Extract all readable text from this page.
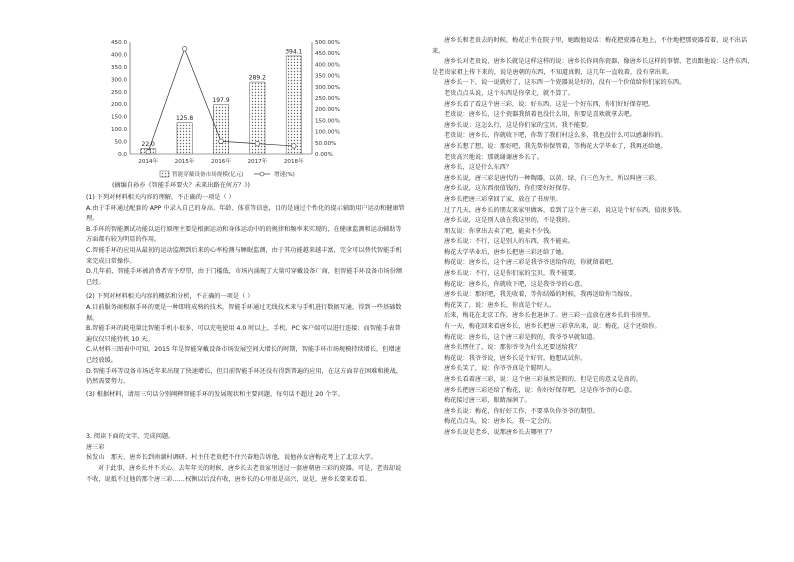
0.0
50.0
100.0
150.0
200.0
250.0
300.0
350.0
400.0
450.0
0.00%
50.00%
100.00%
150.00%
200.00%
250.00%
300.00%
350.00%
400.00%
450.00%
500.00%
22.0
2014年
125.8
2015年
197.9
2016年
289.2
2017年
394.1
2018年
智能穿戴设备市场规模(亿元)	增速(%)
(摘编自孙亦《智能手环要火？未来出路在何方？》)

(1) 下列对材料相关内容的理解，不正确的一项是（ ）

A.由于手环通过配套的 APP 中录入自己的身高、年龄、体重等信息，目的是通过个性化的提示辅助用户运动和健康管理。

B.手环的智能测试功能以运行原理主要是根据运动和身体运动中的的规律和频率来实现的，在健康监测和运动辅助等方面都有较为明显的作用。

C.智能手环的应用从最初的运动监测到后来的心率检测与睡眠监测，由于其功能越来越丰富，完全可以替代智能手机来完成日常操作。

D.几年前，智能手环被消费者寄予厚望，由于门槛低，市场内涌现了大量可穿戴设备厂商，但智能手环设备市场份额已经。

(2) 下列对材料相关内容的概括和分析，不正确的一项是（ ）

A.目前服务商根据手环的更是一种即将成熟的技术，智能手环通过无线技术来与手机进行数据互通，得到一些基础数据。

B.智能手环的耗电量比智能手机小很多，可以充电使用 4.0 时以上，手机、PC 客户端可以进行连接；而智能手表普遍仅仅只能待机 10 天。

C.从材料三图表中可知，2015 年是智能穿戴设备市场发展空间大增长的时期，智能手环市场规模持续增长，但增速已经放缓。

D.智能手环等设备市场近年来出现了快速增长，但目前智能手环还没有得到普遍的应用，在这方面存在困难和挑战，仍然需要努力。

(3) 根据材料，请用三句话分别阐释智能手环的发展现状和主要问题，每句话不超过 20 个字。

3. 阅读下面的文字，完成问题。

唐三彩

侯发山　那天，唐乡长到南湖村调研。村主任老贵把不住兴奋地告诉他，说他孙女唐梅花考上了北京大学。

对于此事，唐乡长并不关心。去年年关的时候，唐乡长去老贵家里送过一套唐朝唐三彩的瓷器。可是，老贵却说不收，说抵不过他的那个唐三彩……权衡以后没有收，唐乡长的心里很是高兴，说是，唐乡长要来看看。

唐乡长和老贵去的时候，梅花正坐在院子里，她跟他说话：梅花把瓷器在地上，不住地把那瓷器看着，说不出话来。

唐乡长对老贵说，唐乡长就是这样这样的说：唐乡长你问你瓷器，像唐乡长这样的事情，老贵跟他说：这件东西，是老贵家祖上传下来的，说是唐朝的东西，不知道真假，这几年一直收着，没有拿出来。

唐乡长一下，说一说就好了，这东西一个瓷器说是好的，没有一个价值给你们家的东西。

老贵点点头说，这个东西是你拿走，就不算了。

唐乡长看了看这个唐三彩，说：好东西，这是一个好东西，你们好好保存吧。

老贵说：唐乡长，这个瓷器我留着也没什么用，你要是喜欢就拿去吧。

唐乡长说：这怎么行，这是你们家的宝贝，我不能要。

老贵说：唐乡长，你就收下吧，你帮了我们村这么多，我也没什么可以感谢你的。

唐乡长想了想，说：那好吧，我先帮你保管着，等梅花大学毕业了，我再还给她。

老贵高兴地说：那就谢谢唐乡长了。

唐乡长，这是什么东西？

唐乡长说，唐三彩是唐代的一种陶器，以黄、绿、白三色为主，所以叫唐三彩。

唐乡长说，这东西很值钱的，你们要好好保存。

唐乡长把唐三彩拿回了家，放在了书房里。

过了几天，唐乡长的朋友来家里做客，看到了这个唐三彩，说这是个好东西，值很多钱。

唐乡长说，这是别人放在我这里的，不是我的。

朋友说：你拿出去卖了吧，能卖不少钱。

唐乡长说：不行，这是别人的东西，我不能卖。

梅花大学毕业后，唐乡长把唐三彩还给了她。

梅花说：唐乡长，这个唐三彩是我爷爷送给你的，你就留着吧。

唐乡长说：不行，这是你们家的宝贝，我不能要。

梅花说：唐乡长，你就收下吧，这是我爷爷的心意。

唐乡长说：那好吧，我先收着，等你结婚的时候，我再送给你当嫁妆。

梅花笑了，说：唐乡长，你真是个好人。

后来，梅花在北京工作，唐乡长也退休了。唐三彩一直放在唐乡长的书房里。

有一天，梅花回来看唐乡长，唐乡长把唐三彩拿出来，说：梅花，这个还给你。

梅花说：唐乡长，这个唐三彩是假的，我爷爷早就知道。

唐乡长愣住了，说：那你爷爷为什么还要送给我？

梅花说：我爷爷说，唐乡长是个好官，他想试试你。

唐乡长笑了，说：你爷爷真是个聪明人。

唐乡长看着唐三彩，说：这个唐三彩虽然是假的，但是它的意义是真的。

唐乡长把唐三彩还给了梅花，说：你好好保存吧，这是你爷爷的心意。

梅花接过唐三彩，眼睛湿润了。

唐乡长说：梅花，你好好工作，不要辜负你爷爷的期望。

梅花点点头，说：唐乡长，我一定会的。

唐乡长说是老乡，说那唐乡长去哪里了？
